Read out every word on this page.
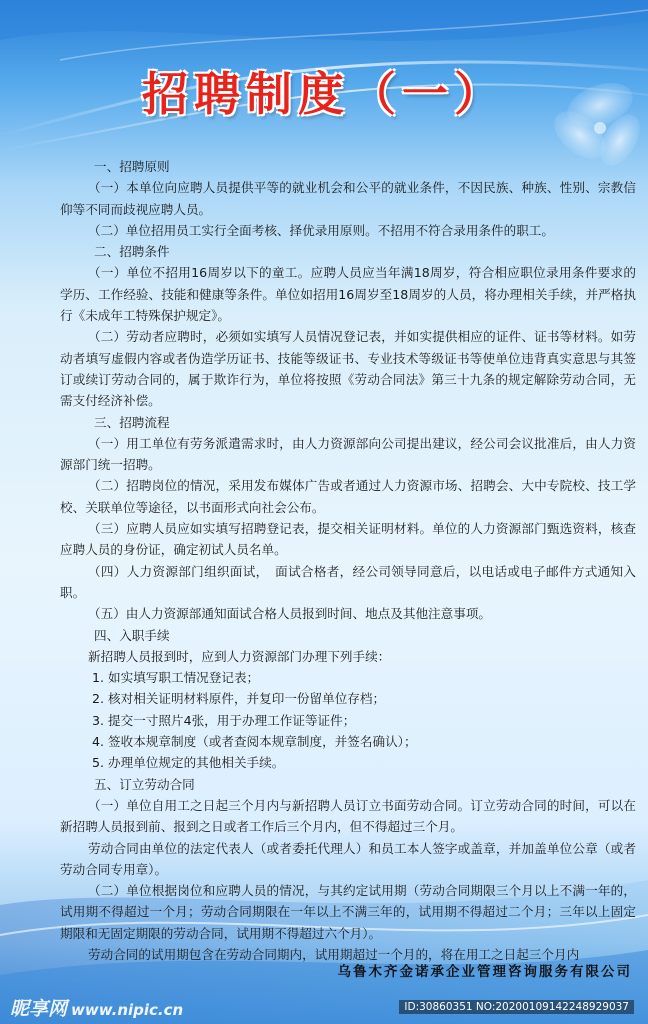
招聘制度（一）

一、招聘原则

（一）本单位向应聘人员提供平等的就业机会和公平的就业条件，不因民族、种族、性别、宗教信仰等不同而歧视应聘人员。

（二）单位招用员工实行全面考核、择优录用原则。不招用不符合录用条件的职工。

二、招聘条件

（一）单位不招用16周岁以下的童工。应聘人员应当年满18周岁，符合相应职位录用条件要求的学历、工作经验、技能和健康等条件。单位如招用16周岁至18周岁的人员，将办理相关手续，并严格执行《未成年工特殊保护规定》。

（二）劳动者应聘时，必须如实填写人员情况登记表，并如实提供相应的证件、证书等材料。如劳动者填写虚假内容或者伪造学历证书、技能等级证书、专业技术等级证书等使单位违背真实意思与其签订或续订劳动合同的，属于欺诈行为，单位将按照《劳动合同法》第三十九条的规定解除劳动合同，无需支付经济补偿。

三、招聘流程

（一）用工单位有劳务派遣需求时，由人力资源部向公司提出建议，经公司会议批准后，由人力资源部门统一招聘。

（二）招聘岗位的情况，采用发布媒体广告或者通过人力资源市场、招聘会、大中专院校、技工学校、关联单位等途径，以书面形式向社会公布。

（三）应聘人员应如实填写招聘登记表，提交相关证明材料。单位的人力资源部门甄选资料，核查应聘人员的身份证，确定初试人员名单。

（四）人力资源部门组织面试，　面试合格者，经公司领导同意后，以电话或电子邮件方式通知入职。

（五）由人力资源部通知面试合格人员报到时间、地点及其他注意事项。

四、入职手续

新招聘人员报到时，应到人力资源部门办理下列手续：

1. 如实填写职工情况登记表；

2. 核对相关证明材料原件，并复印一份留单位存档；

3. 提交一寸照片4张，用于办理工作证等证件；

4. 签收本规章制度（或者查阅本规章制度，并签名确认）；

5. 办理单位规定的其他相关手续。

五、订立劳动合同

（一）单位自用工之日起三个月内与新招聘人员订立书面劳动合同。订立劳动合同的时间，可以在新招聘人员报到前、报到之日或者工作后三个月内，但不得超过三个月。

劳动合同由单位的法定代表人（或者委托代理人）和员工本人签字或盖章，并加盖单位公章（或者劳动合同专用章）。

（二）单位根据岗位和应聘人员的情况，与其约定试用期（劳动合同期限三个月以上不满一年的，试用期不得超过一个月；劳动合同期限在一年以上不满三年的，试用期不得超过二个月；三年以上固定期限和无固定期限的劳动合同，试用期不得超过六个月）。

劳动合同的试用期包含在劳动合同期内，试用期超过一个月的，将在用工之日起三个月内

乌鲁木齐金诺承企业管理咨询服务有限公司
昵享网 www.nipic.cn	ID:30860351 NO:20200109142248929037
